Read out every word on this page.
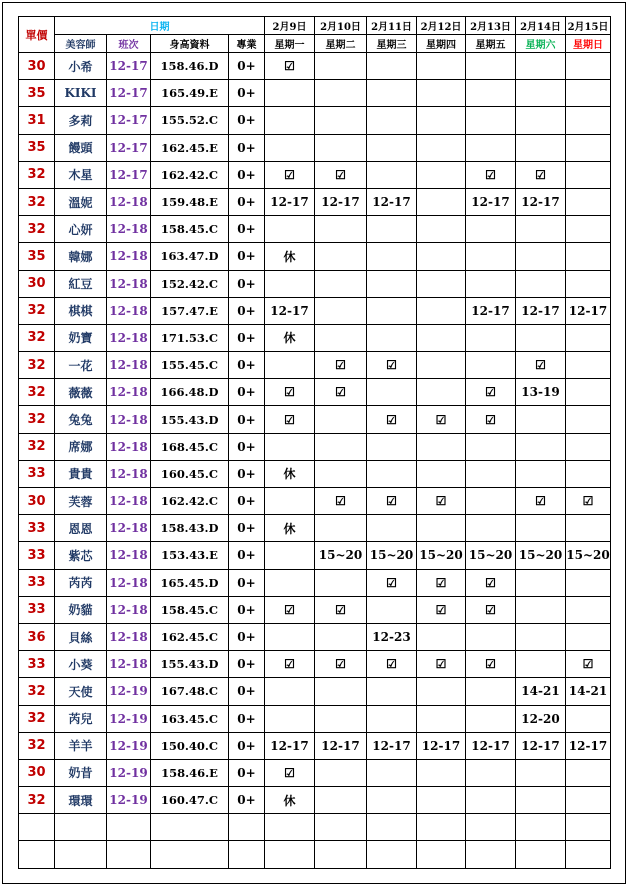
單價	日期				2月9日	2月10日	2月11日	2月12日	2月13日	2月14日	2月15日
	美容師	班次	身高資料	專業	星期一	星期二	星期三	星期四	星期五	星期六	星期日
30	小希	12-17	158.46.D	0+	☑						
35	KIKI	12-17	165.49.E	0+							
31	多莉	12-17	155.52.C	0+							
35	饅頭	12-17	162.45.E	0+							
32	木星	12-17	162.42.C	0+	☑	☑			☑	☑	
32	溫妮	12-18	159.48.E	0+	12-17	12-17	12-17		12-17	12-17	
32	心妍	12-18	158.45.C	0+							
35	韓娜	12-18	163.47.D	0+	休						
30	紅豆	12-18	152.42.C	0+							
32	棋棋	12-18	157.47.E	0+	12-17				12-17	12-17	12-17
32	奶寶	12-18	171.53.C	0+	休						
32	一花	12-18	155.45.C	0+		☑	☑			☑	
32	薇薇	12-18	166.48.D	0+	☑	☑			☑	13-19	
32	兔兔	12-18	155.43.D	0+	☑		☑	☑	☑		
32	席娜	12-18	168.45.C	0+							
33	貴貴	12-18	160.45.C	0+	休						
30	芙蓉	12-18	162.42.C	0+		☑	☑	☑		☑	☑
33	恩恩	12-18	158.43.D	0+	休						
33	紫芯	12-18	153.43.E	0+		15~20	15~20	15~20	15~20	15~20	15~20
33	芮芮	12-18	165.45.D	0+			☑	☑	☑		
33	奶貓	12-18	158.45.C	0+	☑	☑		☑	☑		
36	貝絲	12-18	162.45.C	0+			12-23				
33	小葵	12-18	155.43.D	0+	☑	☑	☑	☑	☑		☑
32	天使	12-19	167.48.C	0+						14-21	14-21
32	芮兒	12-19	163.45.C	0+						12-20	
32	羊羊	12-19	150.40.C	0+	12-17	12-17	12-17	12-17	12-17	12-17	12-17
30	奶昔	12-19	158.46.E	0+	☑						
32	環環	12-19	160.47.C	0+	休						
